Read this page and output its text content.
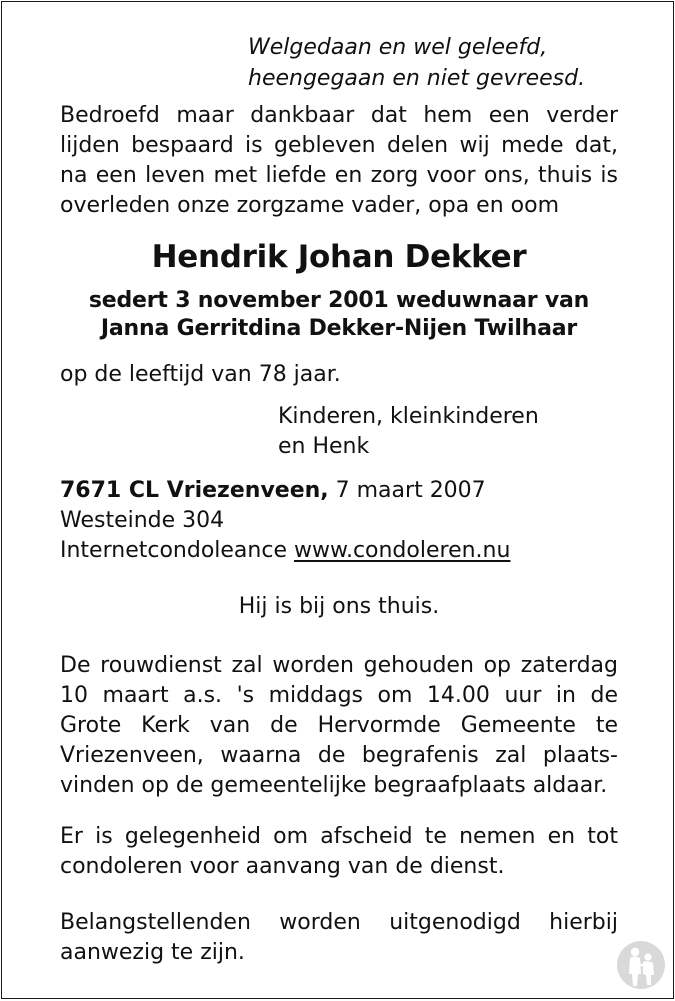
Welgedaan en wel geleefd,
heengegaan en niet gevreesd.
Bedroefd maar dankbaar dat hem een verder
lijden bespaard is gebleven delen wij mede dat,
na een leven met liefde en zorg voor ons, thuis is
overleden onze zorgzame vader, opa en oom
Hendrik Johan Dekker
sedert 3 november 2001 weduwnaar van
Janna Gerritdina Dekker-Nijen Twilhaar
op de leeftijd van 78 jaar.
Kinderen, kleinkinderen
en Henk
7671 CL Vriezenveen, 7 maart 2007
Westeinde 304
Internetcondoleance www.condoleren.nu
Hij is bij ons thuis.
De rouwdienst zal worden gehouden op zaterdag
10 maart a.s. 's middags om 14.00 uur in de
Grote Kerk van de Hervormde Gemeente te
Vriezenveen, waarna de begrafenis zal plaats-
vinden op de gemeentelijke begraafplaats aldaar.
Er is gelegenheid om afscheid te nemen en tot
condoleren voor aanvang van de dienst.
Belangstellenden worden uitgenodigd hierbij
aanwezig te zijn.
